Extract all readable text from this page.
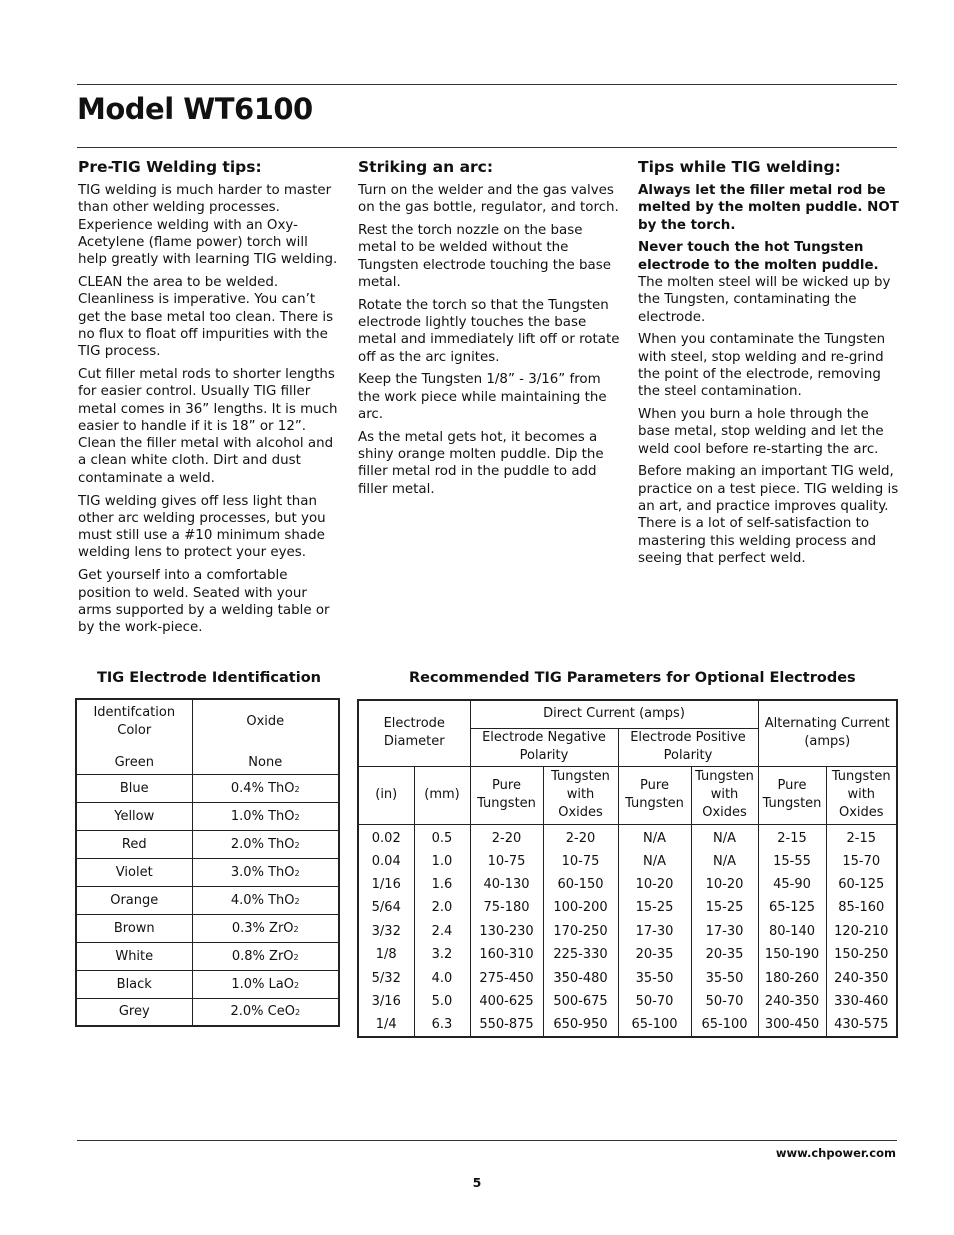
Model WT6100
Pre-TIG Welding tips:

TIG welding is much harder to master than other welding processes. Experience welding with an Oxy-Acetylene (flame power) torch will help greatly with learning TIG welding.

CLEAN the area to be welded. Cleanliness is imperative. You can’t get the base metal too clean. There is no flux to float off impurities with the TIG process.

Cut filler metal rods to shorter lengths for easier control. Usually TIG filler metal comes in 36” lengths. It is much easier to handle if it is 18” or 12”. Clean the filler metal with alcohol and a clean white cloth. Dirt and dust contaminate a weld.

TIG welding gives off less light than other arc welding processes, but you must still use a #10 minimum shade welding lens to protect your eyes.

Get yourself into a comfortable position to weld. Seated with your arms supported by a welding table or by the work-piece.

Striking an arc:

Turn on the welder and the gas valves on the gas bottle, regulator, and torch.

Rest the torch nozzle on the base metal to be welded without the Tungsten electrode touching the base metal.

Rotate the torch so that the Tungsten electrode lightly touches the base metal and immediately lift off or rotate off as the arc ignites.

Keep the Tungsten 1/8” - 3/16” from the work piece while maintaining the arc.

As the metal gets hot, it becomes a shiny orange molten puddle. Dip the filler metal rod in the puddle to add filler metal.

Tips while TIG welding:

Always let the filler metal rod be melted by the molten puddle. NOT by the torch.

Never touch the hot Tungsten electrode to the molten puddle. The molten steel will be wicked up by the Tungsten, contaminating the electrode.

When you contaminate the Tungsten with steel, stop welding and re-grind the point of the electrode, removing the steel contamination.

When you burn a hole through the base metal, stop welding and let the weld cool before re-starting the arc.

Before making an important TIG weld, practice on a test piece. TIG welding is an art, and practice improves quality. There is a lot of self-satisfaction to mastering this welding process and seeing that perfect weld.

TIG Electrode Identification	Recommended TIG Parameters for Optional Electrodes
Identifcation Color	Oxide
Green	None
Blue	0.4% ThO2
Yellow	1.0% ThO2
Red	2.0% ThO2
Violet	3.0% ThO2
Orange	4.0% ThO2
Brown	0.3% ZrO2
White	0.8% ZrO2
Black	1.0% LaO2
Grey	2.0% CeO2
Electrode Diameter		Direct Current (amps)				Alternating Current (amps)	
		Electrode Negative Polarity		Electrode Positive Polarity			
(in)	(mm)	Pure Tungsten	Tungsten with Oxides	Pure Tungsten	Tungsten with Oxides	Pure Tungsten	Tungsten with Oxides
0.02	0.5	2-20	2-20	N/A	N/A	2-15	2-15
0.04	1.0	10-75	10-75	N/A	N/A	15-55	15-70
1/16	1.6	40-130	60-150	10-20	10-20	45-90	60-125
5/64	2.0	75-180	100-200	15-25	15-25	65-125	85-160
3/32	2.4	130-230	170-250	17-30	17-30	80-140	120-210
1/8	3.2	160-310	225-330	20-35	20-35	150-190	150-250
5/32	4.0	275-450	350-480	35-50	35-50	180-260	240-350
3/16	5.0	400-625	500-675	50-70	50-70	240-350	330-460
1/4	6.3	550-875	650-950	65-100	65-100	300-450	430-575
www.chpower.com
5
